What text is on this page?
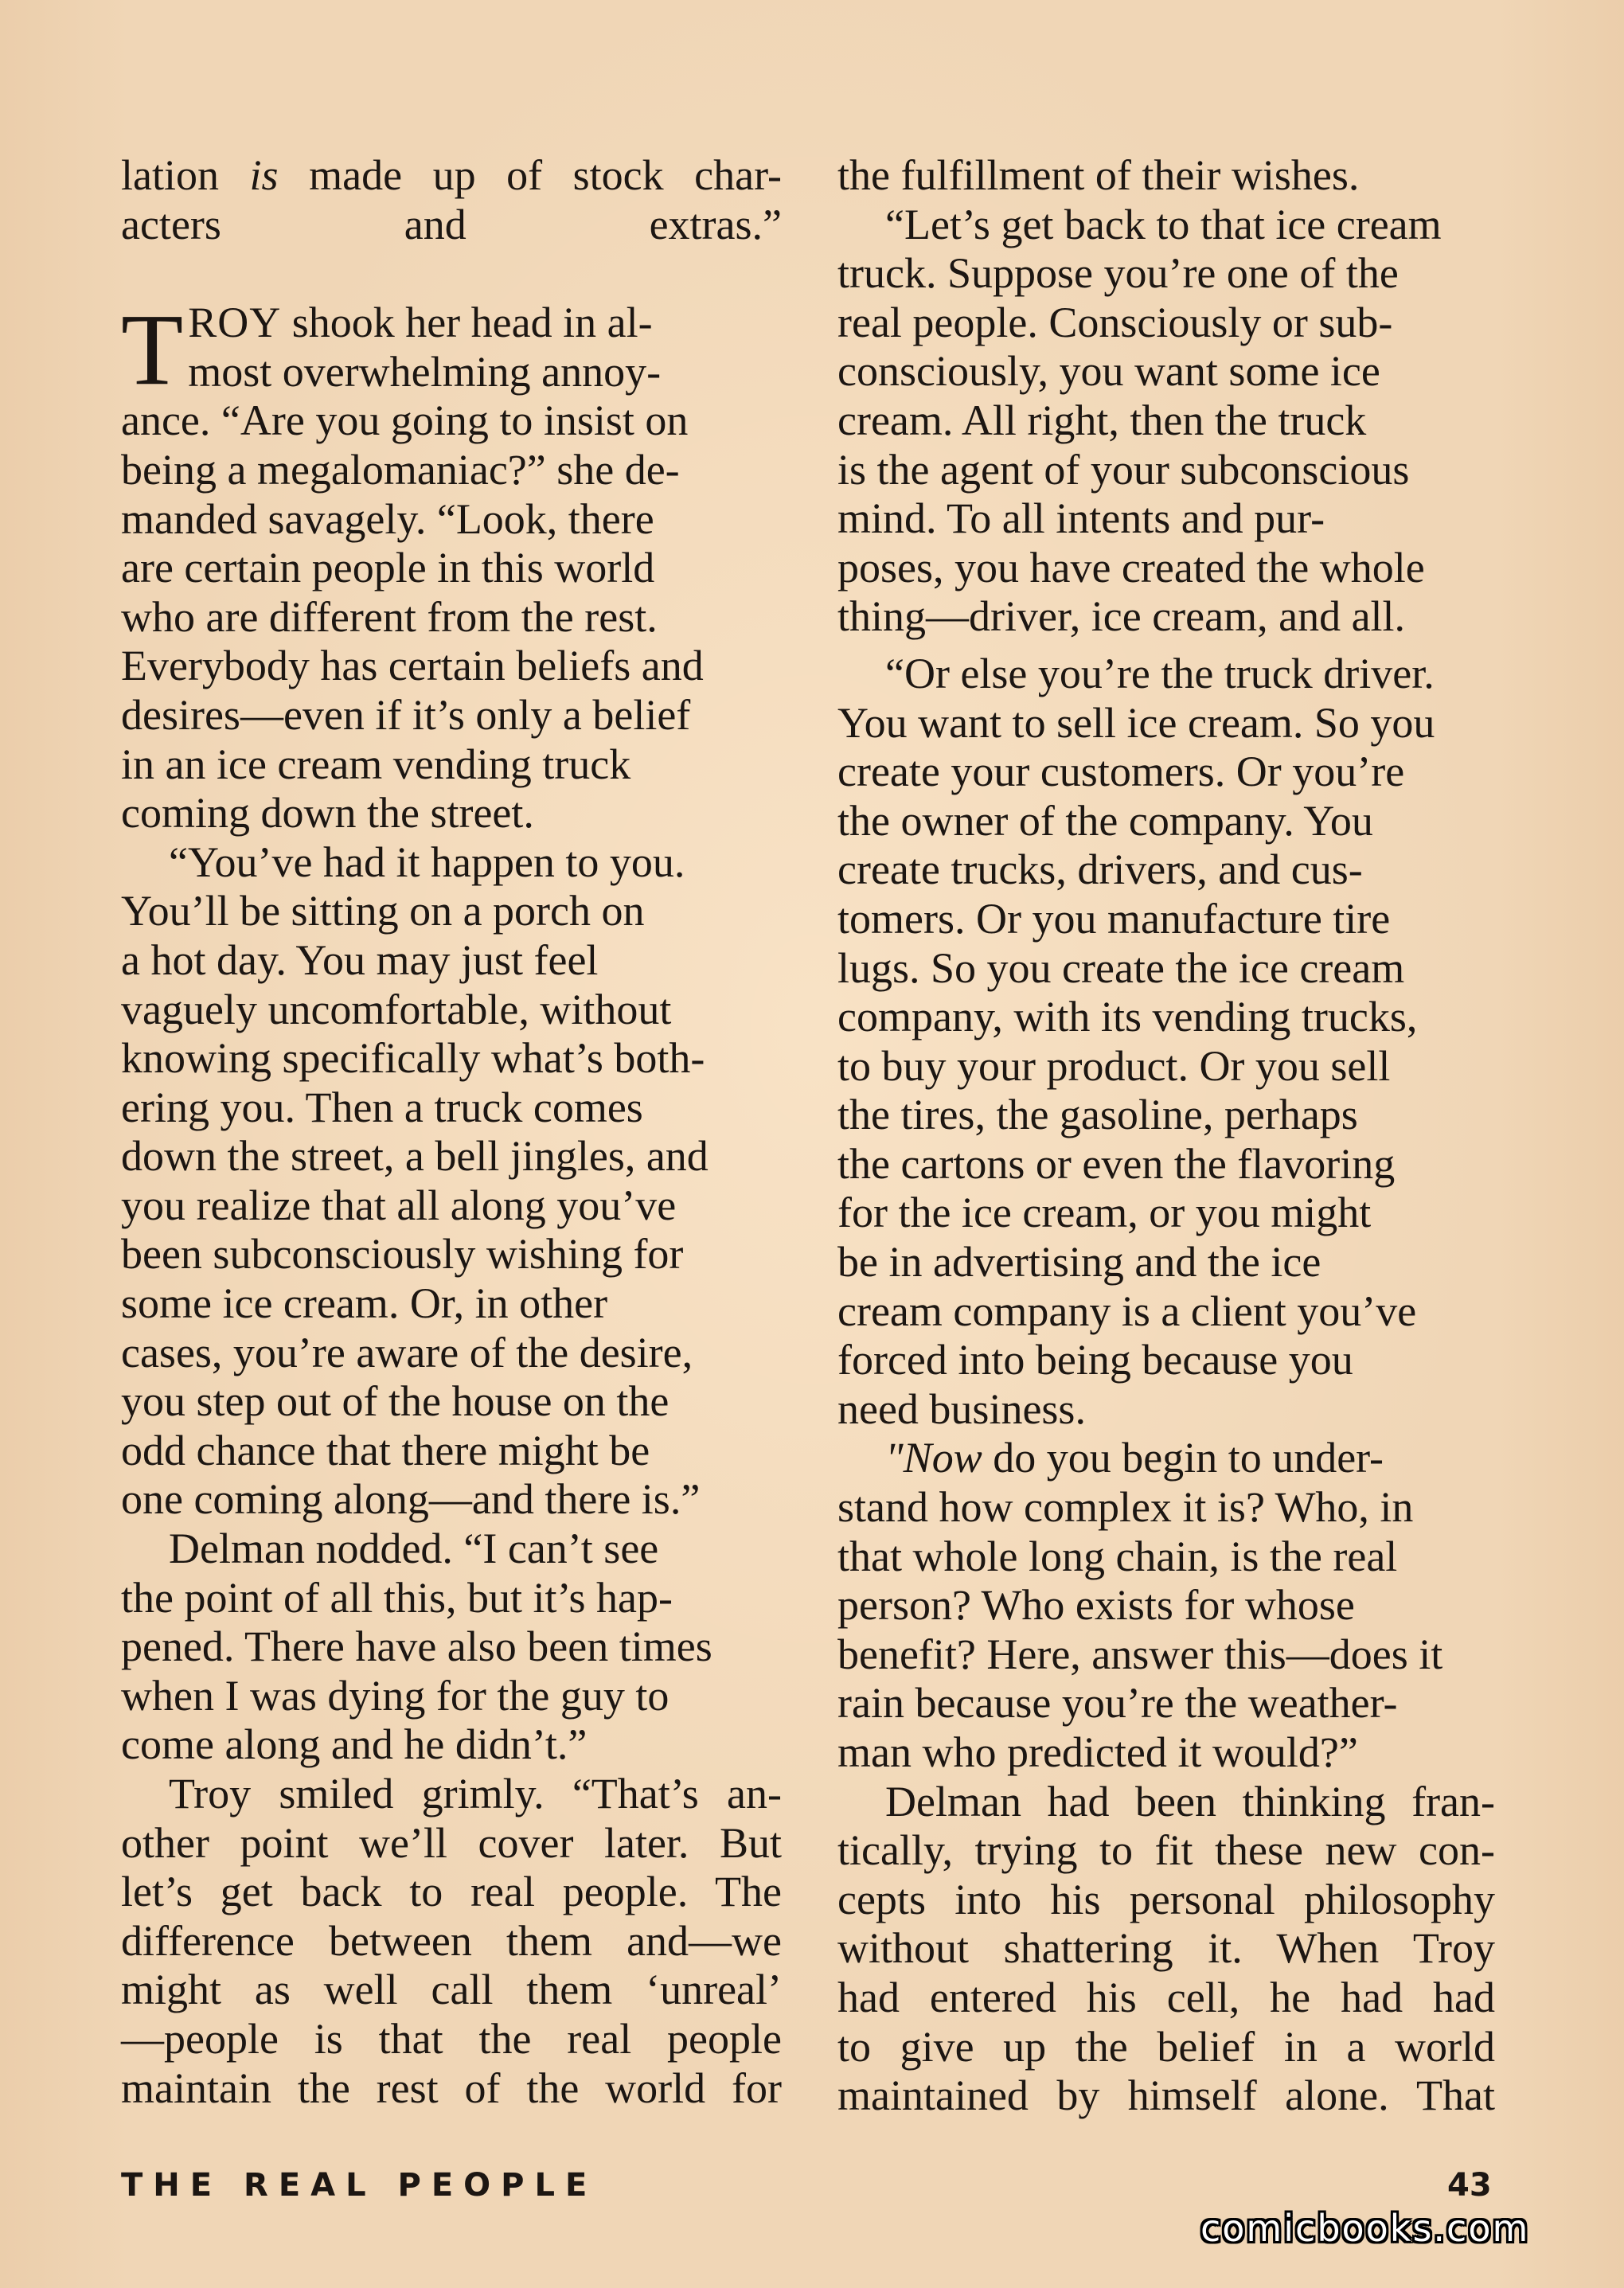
lation is made up of stock char-
acters and extras.”

TROY shook her head in al-
most overwhelming annoy-
ance. “Are you going to insist on
being a megalomaniac?” she de-
manded savagely. “Look, there
are certain people in this world
who are different from the rest.
Everybody has certain beliefs and
desires—even if it’s only a belief
in an ice cream vending truck
coming down the street.

“You’ve had it happen to you.
You’ll be sitting on a porch on
a hot day. You may just feel
vaguely uncomfortable, without
knowing specifically what’s both-
ering you. Then a truck comes
down the street, a bell jingles, and
you realize that all along you’ve
been subconsciously wishing for
some ice cream. Or, in other
cases, you’re aware of the desire,
you step out of the house on the
odd chance that there might be
one coming along—and there is.”

Delman nodded. “I can’t see
the point of all this, but it’s hap-
pened. There have also been times
when I was dying for the guy to
come along and he didn’t.”

Troy smiled grimly. “That’s an-
other point we’ll cover later. But
let’s get back to real people. The
difference between them and—we
might as well call them ‘unreal’
—people is that the real people
maintain the rest of the world for

the fulfillment of their wishes.

“Let’s get back to that ice cream
truck. Suppose you’re one of the
real people. Consciously or sub-
consciously, you want some ice
cream. All right, then the truck
is the agent of your subconscious
mind. To all intents and pur-
poses, you have created the whole
thing—driver, ice cream, and all.

“Or else you’re the truck driver.
You want to sell ice cream. So you
create your customers. Or you’re
the owner of the company. You
create trucks, drivers, and cus-
tomers. Or you manufacture tire
lugs. So you create the ice cream
company, with its vending trucks,
to buy your product. Or you sell
the tires, the gasoline, perhaps
the cartons or even the flavoring
for the ice cream, or you might
be in advertising and the ice
cream company is a client you’ve
forced into being because you
need business.

"Now do you begin to under-
stand how complex it is? Who, in
that whole long chain, is the real
person? Who exists for whose
benefit? Here, answer this—does it
rain because you’re the weather-
man who predicted it would?”

Delman had been thinking fran-
tically, trying to fit these new con-
cepts into his personal philosophy
without shattering it. When Troy
had entered his cell, he had had
to give up the belief in a world
maintained by himself alone. That

THE REAL PEOPLE	43
comicbooks.com
